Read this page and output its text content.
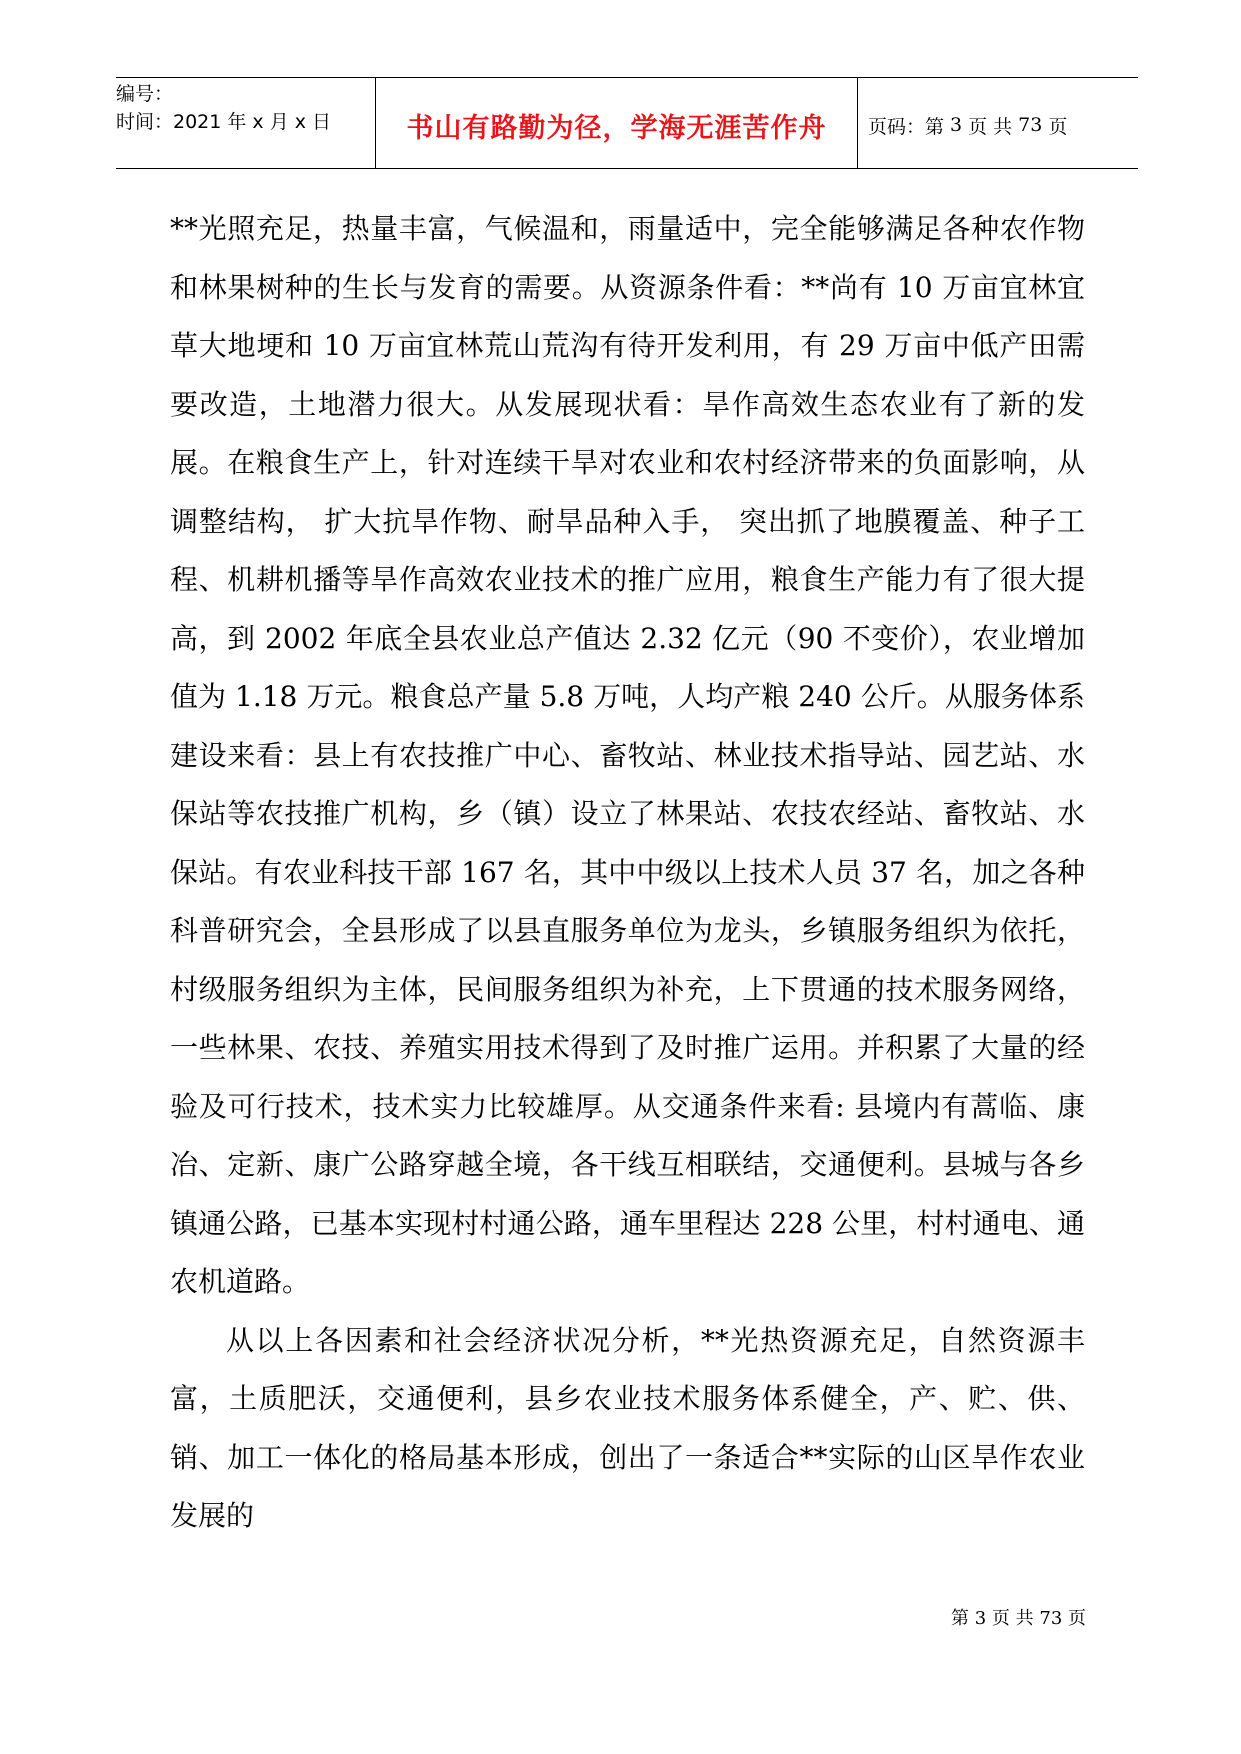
编号：
时间：2021 年 x 月 x 日	书山有路勤为径，学海无涯苦作舟	页码：第 3 页 共 73 页

**光照充足，热量丰富，气候温和，雨量适中，完全能够满足各种农作物和林果树种的生长与发育的需要。从资源条件看：**尚有 10 万亩宜林宜草大地埂和 10 万亩宜林荒山荒沟有待开发利用，有 29 万亩中低产田需要改造，土地潜力很大。从发展现状看：旱作高效生态农业有了新的发展。在粮食生产上，针对连续干旱对农业和农村经济带来的负面影响，从调整结构， 扩大抗旱作物、耐旱品种入手， 突出抓了地膜覆盖、种子工程、机耕机播等旱作高效农业技术的推广应用，粮食生产能力有了很大提高，到 2002 年底全县农业总产值达 2.32 亿元（90 不变价），农业增加值为 1.18 万元。粮食总产量 5.8 万吨，人均产粮 240 公斤。从服务体系建设来看：县上有农技推广中心、畜牧站、林业技术指导站、园艺站、水保站等农技推广机构，乡（镇）设立了林果站、农技农经站、畜牧站、水保站。有农业科技干部 167 名，其中中级以上技术人员 37 名，加之各种科普研究会，全县形成了以县直服务单位为龙头，乡镇服务组织为依托，村级服务组织为主体，民间服务组织为补充，上下贯通的技术服务网络，一些林果、农技、养殖实用技术得到了及时推广运用。并积累了大量的经验及可行技术，技术实力比较雄厚。从交通条件来看: 县境内有蒿临、康冶、定新、康广公路穿越全境，各干线互相联结，交通便利。县城与各乡镇通公路，已基本实现村村通公路，通车里程达 228 公里，村村通电、通农机道路。

从以上各因素和社会经济状况分析，**光热资源充足，自然资源丰富，土质肥沃，交通便利，县乡农业技术服务体系健全，产、贮、供、销、加工一体化的格局基本形成，创出了一条适合**实际的山区旱作农业发展的

第 3 页 共 73 页
